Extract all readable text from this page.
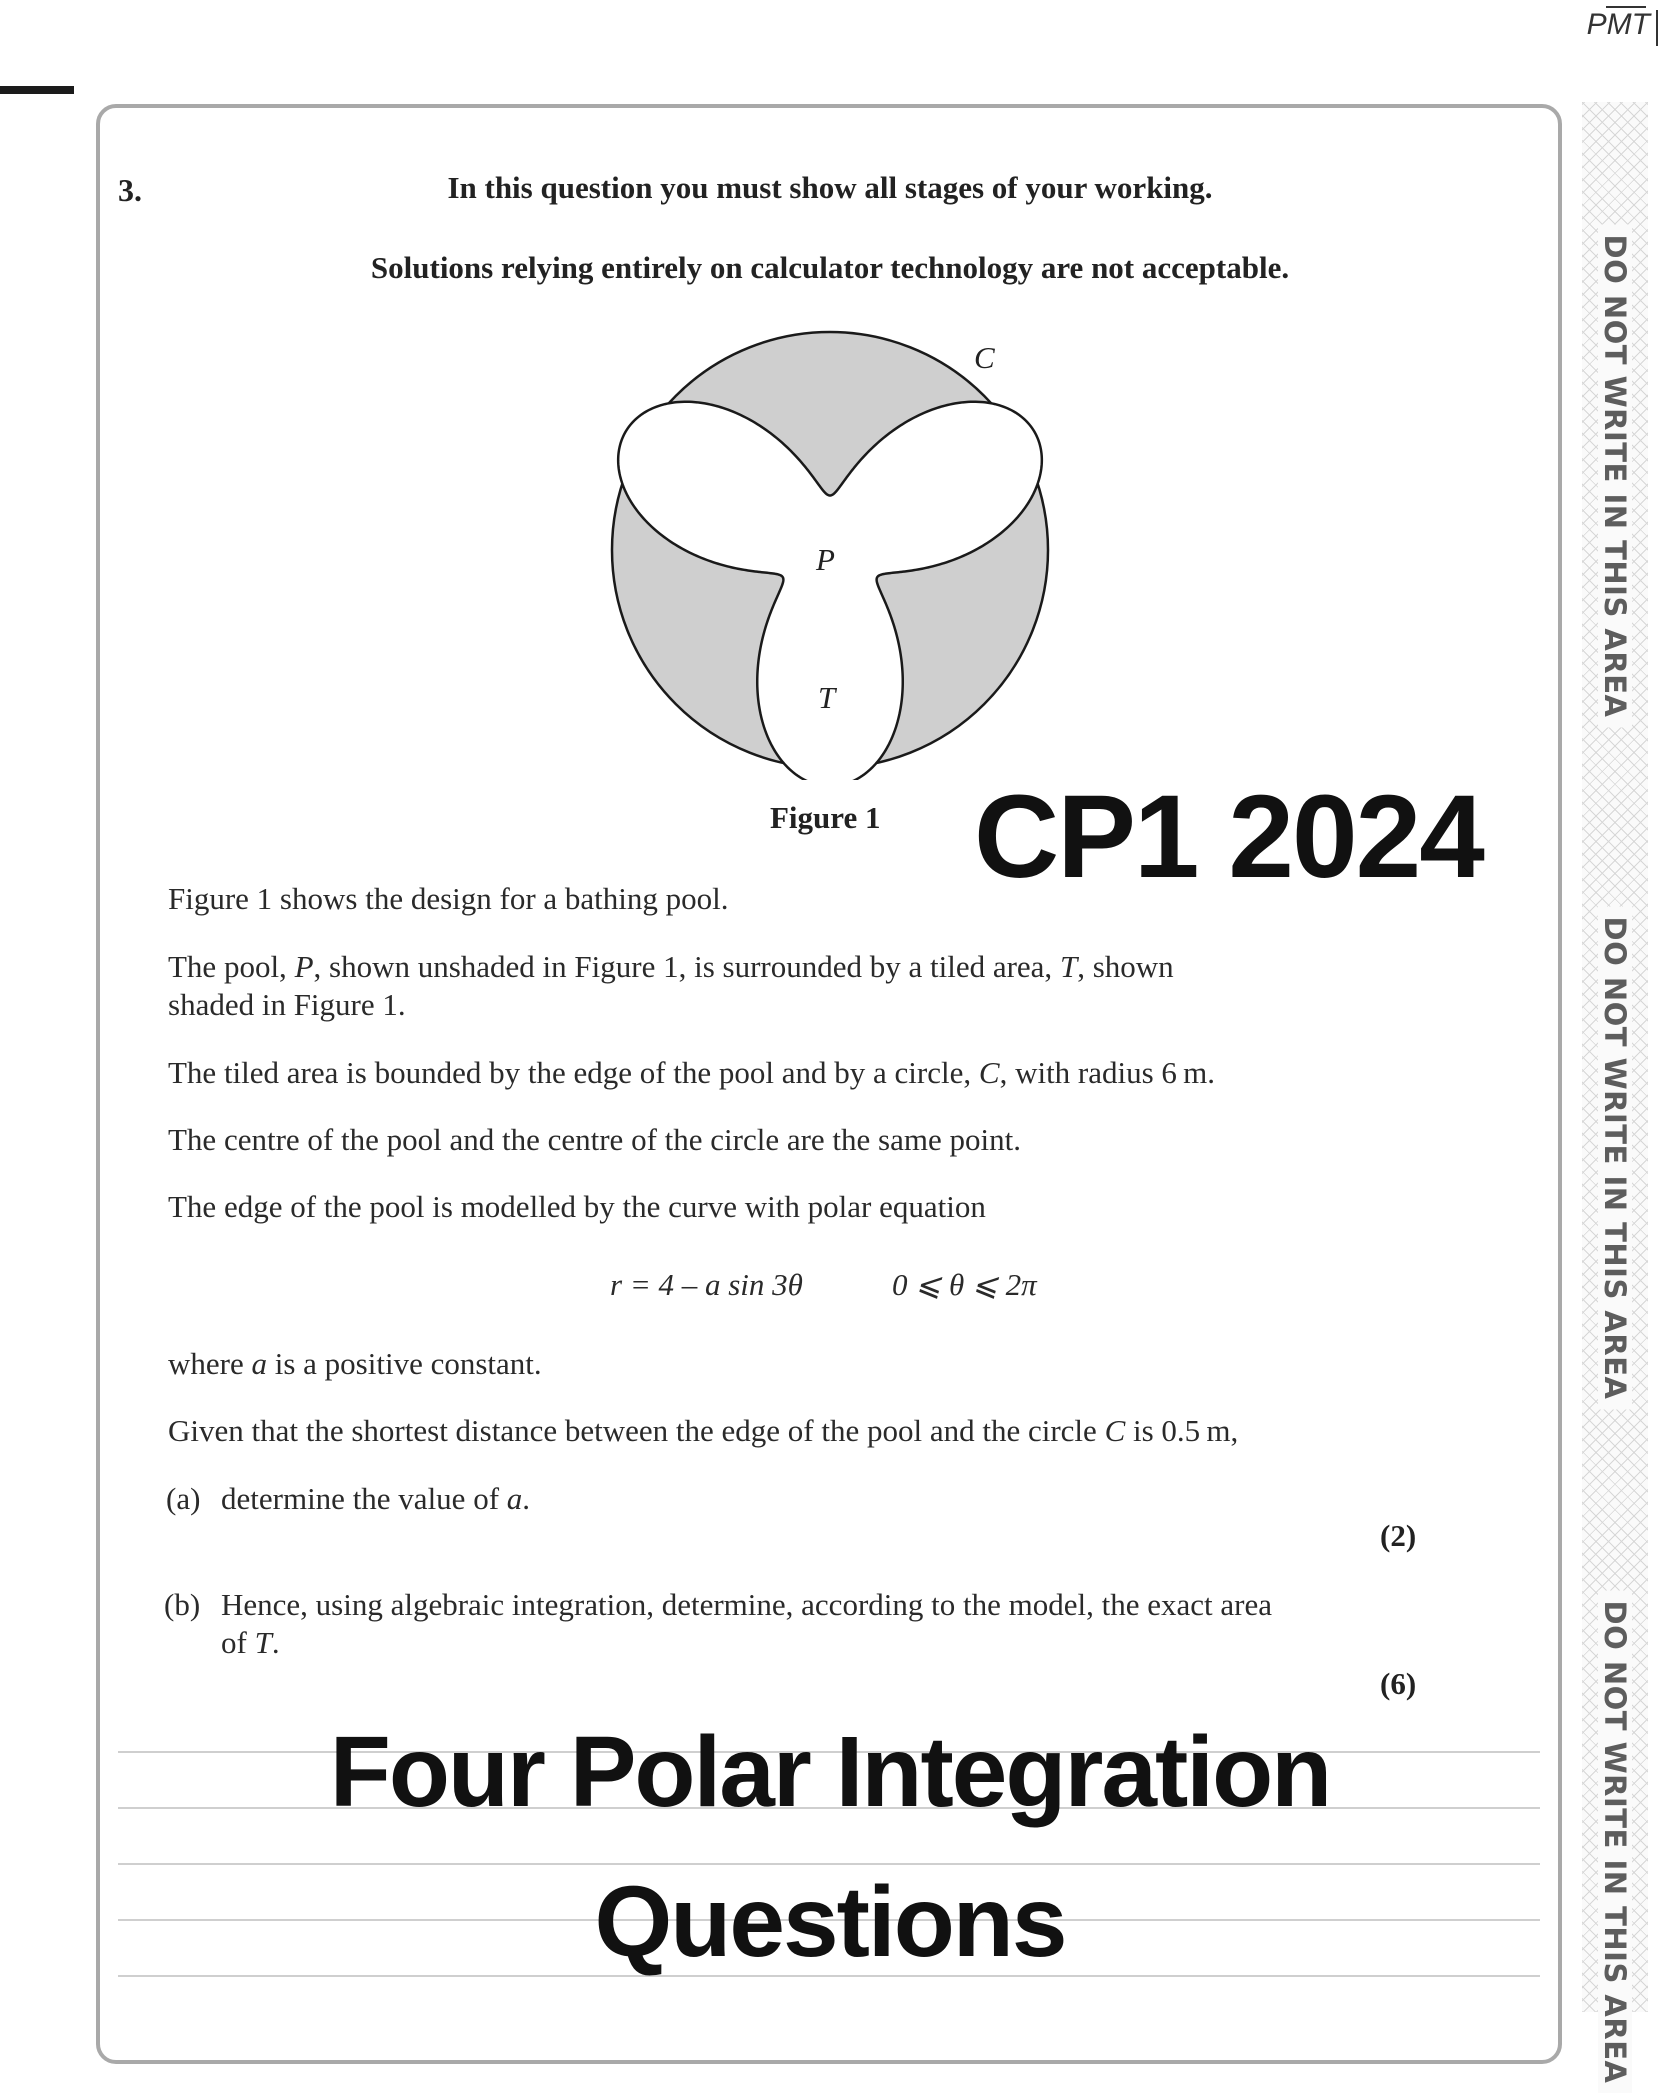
PMT
DO NOT WRITE IN THIS AREA
DO NOT WRITE IN THIS AREA
DO NOT WRITE IN THIS AREA
3.	In this question you must show all stages of your working.
Solutions relying entirely on calculator technology are not acceptable.
C
P
T
Figure 1 CP1 2024
Figure 1 shows the design for a bathing pool.
The pool, P, shown unshaded in Figure 1, is surrounded by a tiled area, T, shown
shaded in Figure 1.
The tiled area is bounded by the edge of the pool and by a circle, C, with radius 6 m.
The centre of the pool and the centre of the circle are the same point.
The edge of the pool is modelled by the curve with polar equation
r = 4 – a sin 3θ	0 ⩽ θ ⩽ 2π
where a is a positive constant.
Given that the shortest distance between the edge of the pool and the circle C is 0.5 m,
(a) determine the value of a.
(2)
(b) Hence, using algebraic integration, determine, according to the model, the exact area
of T.
(6)
Four Polar Integration
Questions
